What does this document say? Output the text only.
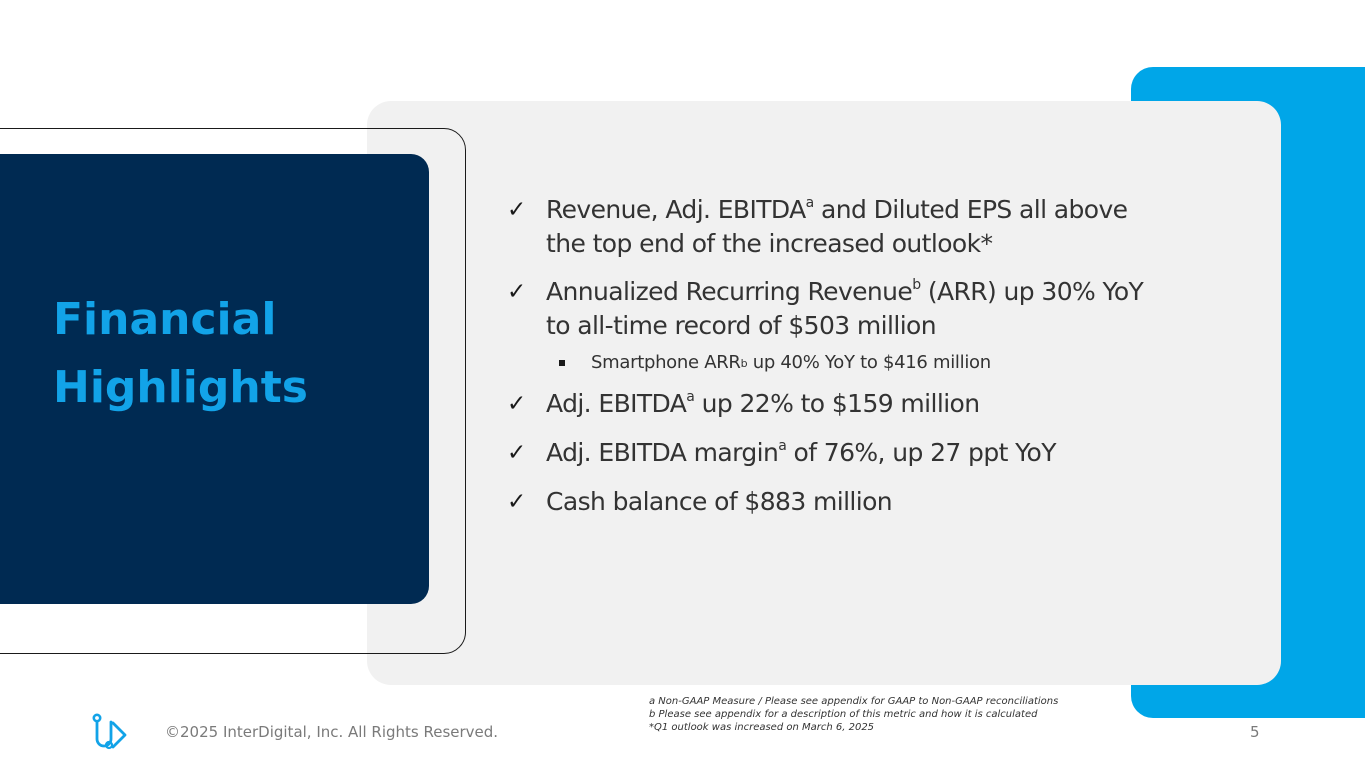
Financial
Highlights
✓ Revenue, Adj. EBITDA$^a$ and Diluted EPS all above
the top end of the increased outlook*
✓ Annualized Recurring Revenue$^b$ (ARR) up 30% YoY
to all-time record of $503 million
Smartphone ARR$^b$ up 40% YoY to $416 million
✓ Adj. EBITDA$^a$ up 22% to $159 million
✓ Adj. EBITDA margin$^a$ of 76%, up 27 ppt YoY
✓ Cash balance of $883 million
a Non-GAAP Measure / Please see appendix for GAAP to Non-GAAP reconciliations
b Please see appendix for a description of this metric and how it is calculated
*Q1 outlook was increased on March 6, 2025

©2025 InterDigital, Inc. All Rights Reserved.	5
